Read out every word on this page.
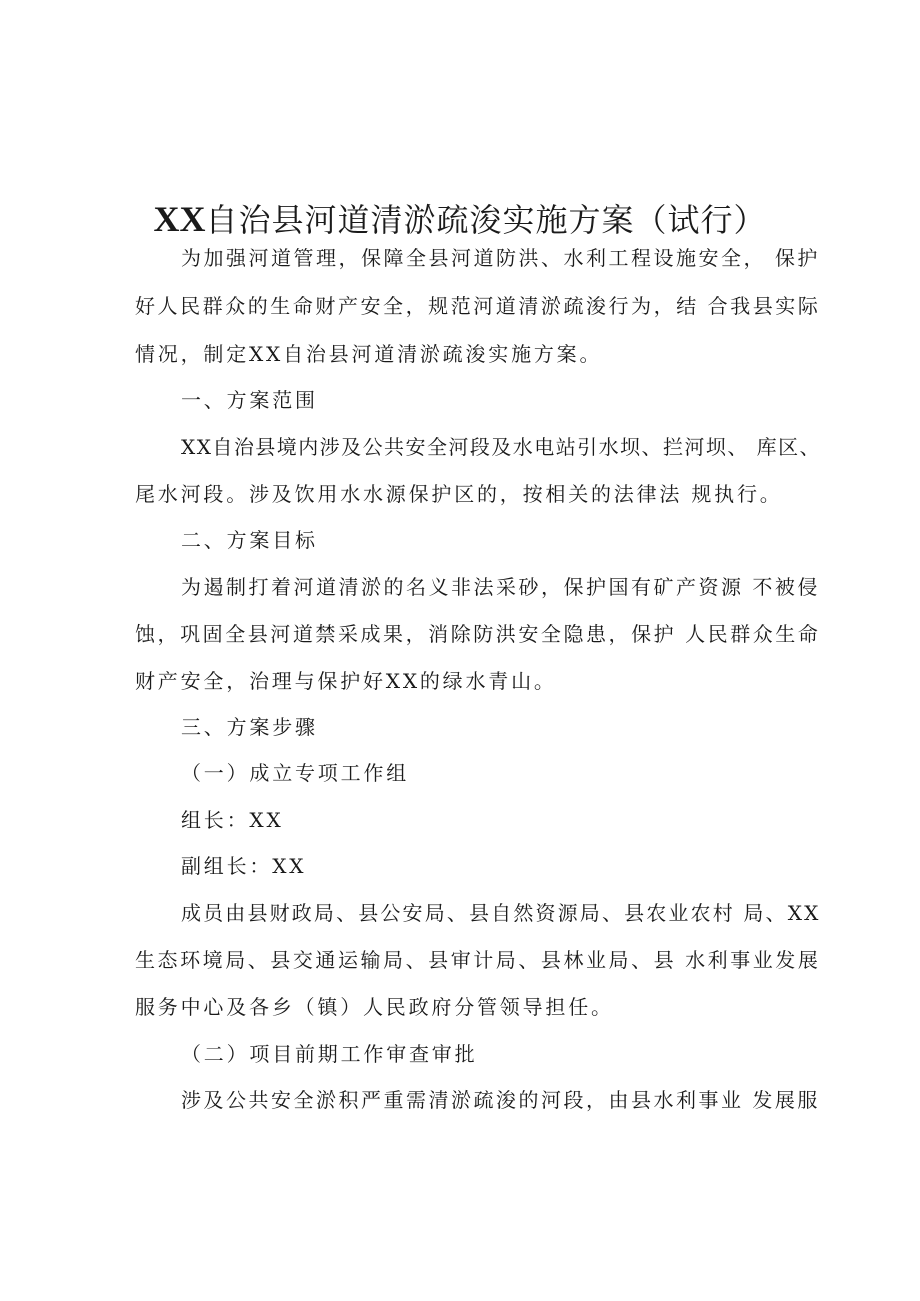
XX自治县河道清淤疏浚实施方案（试行）
为加强河道管理，保障全县河道防洪、水利工程设施安全， 保护
好人民群众的生命财产安全，规范河道清淤疏浚行为，结 合我县实际
情况，制定XX自治县河道清淤疏浚实施方案。
一、方案范围
XX自治县境内涉及公共安全河段及水电站引水坝、拦河坝、 库区、
尾水河段。涉及饮用水水源保护区的，按相关的法律法 规执行。
二、方案目标
为遏制打着河道清淤的名义非法采砂，保护国有矿产资源 不被侵
蚀，巩固全县河道禁采成果，消除防洪安全隐患，保护 人民群众生命
财产安全，治理与保护好XX的绿水青山。
三、方案步骤
（一）成立专项工作组
组长：XX
副组长：XX
成员由县财政局、县公安局、县自然资源局、县农业农村 局、XX
生态环境局、县交通运输局、县审计局、县林业局、县 水利事业发展
服务中心及各乡（镇）人民政府分管领导担任。
（二）项目前期工作审查审批
涉及公共安全淤积严重需清淤疏浚的河段，由县水利事业 发展服
